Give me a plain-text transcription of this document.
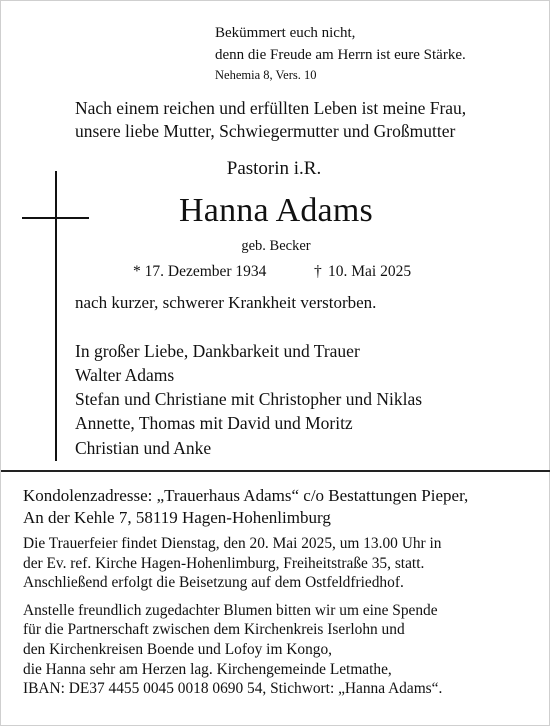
Bekümmert euch nicht,
denn die Freude am Herrn ist eure Stärke.
Nehemia 8, Vers. 10
Nach einem reichen und erfüllten Leben ist meine Frau,
unsere liebe Mutter, Schwiegermutter und Großmutter
Pastorin i.R.
Hanna Adams
geb. Becker
* 17. Dezember 1934	† 10. Mai 2025
nach kurzer, schwerer Krankheit verstorben.
In großer Liebe, Dankbarkeit und Trauer
Walter Adams
Stefan und Christiane mit Christopher und Niklas
Annette, Thomas mit David und Moritz
Christian und Anke
Kondolenzadresse: „Trauerhaus Adams“ c/o Bestattungen Pieper,
An der Kehle 7, 58119 Hagen-Hohenlimburg
Die Trauerfeier findet Dienstag, den 20. Mai 2025, um 13.00 Uhr in
der Ev. ref. Kirche Hagen-Hohenlimburg, Freiheitstraße 35, statt.
Anschließend erfolgt die Beisetzung auf dem Ostfeldfriedhof.
Anstelle freundlich zugedachter Blumen bitten wir um eine Spende
für die Partnerschaft zwischen dem Kirchenkreis Iserlohn und
den Kirchenkreisen Boende und Lofoy im Kongo,
die Hanna sehr am Herzen lag. Kirchengemeinde Letmathe,
IBAN: DE37 4455 0045 0018 0690 54, Stichwort: „Hanna Adams“.
